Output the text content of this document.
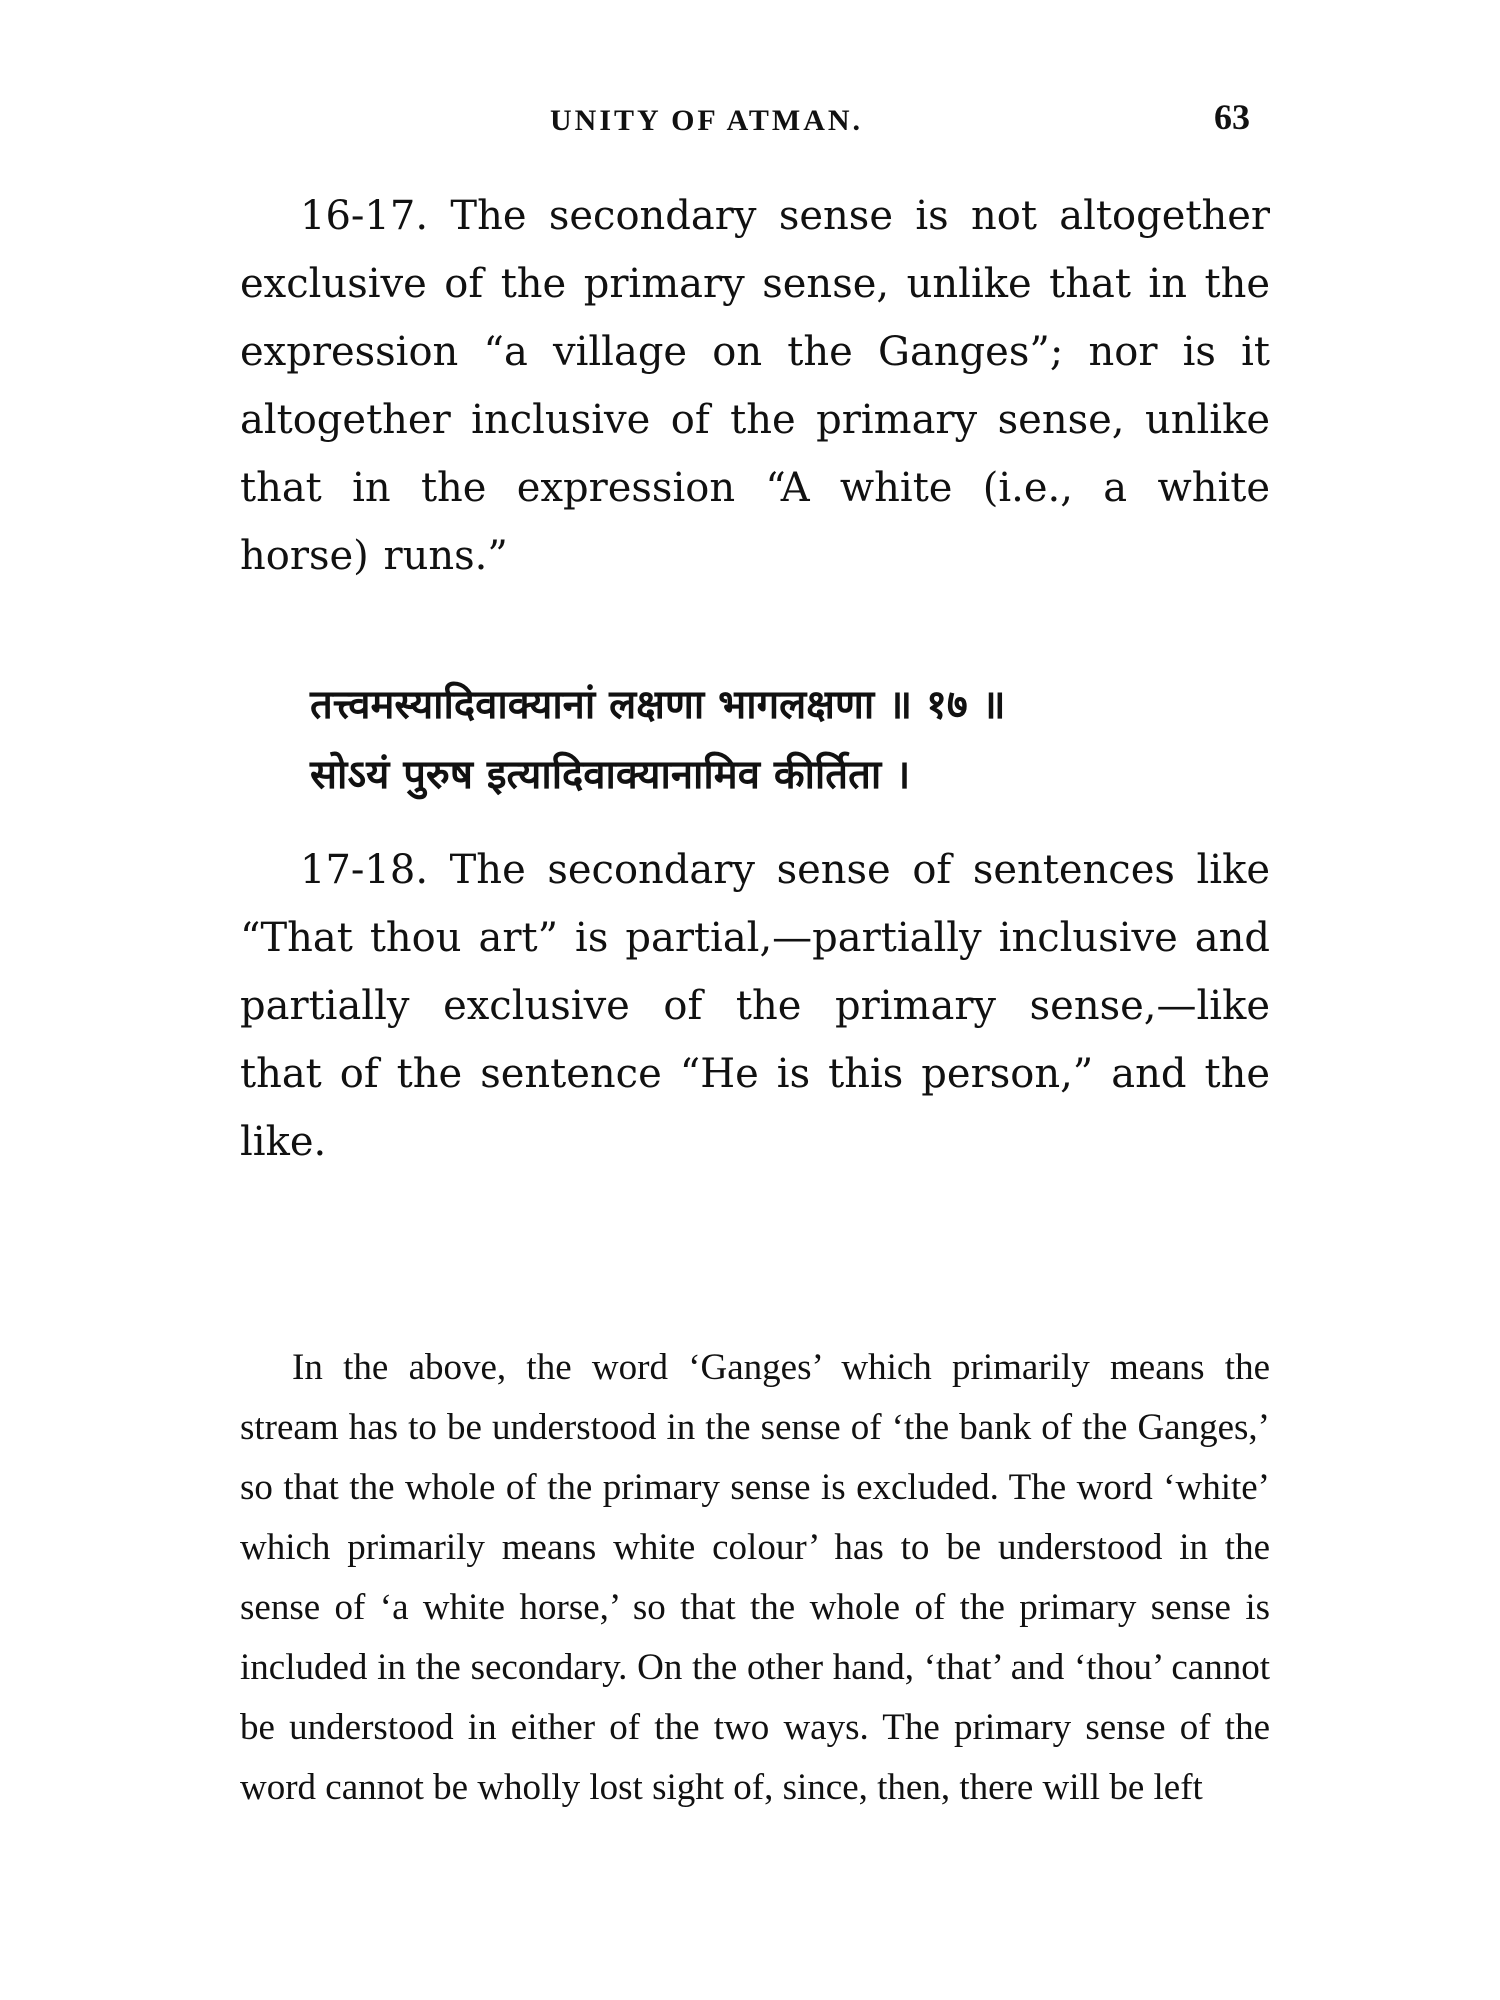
UNITY OF ATMAN.	63

16-17. The secondary sense is not altogether exclusive of the primary sense, unlike that in the expression “a village on the Ganges”; nor is it altogether inclusive of the primary sense, unlike that in the expression “A white (i.e., a white horse) runs.”

तत्त्वमस्यादिवाक्यानां लक्षणा भागलक्षणा ॥ १७ ॥
सोऽयं पुरुष इत्यादिवाक्यानामिव कीर्तिता ।

17-18. The secondary sense of sentences like “That thou art” is partial,—partially inclusive and partially exclusive of the primary sense,—like that of the sentence “He is this person,” and the like.

In the above, the word ‘Ganges’ which primarily means the stream has to be understood in the sense of ‘the bank of the Ganges,’ so that the whole of the primary sense is excluded. The word ‘white’ which primarily means white colour’ has to be understood in the sense of ‘a white horse,’ so that the whole of the primary sense is included in the secondary. On the other hand, ‘that’ and ‘thou’ cannot be understood in either of the two ways. The primary sense of the word cannot be wholly lost sight of, since, then, there will be left
